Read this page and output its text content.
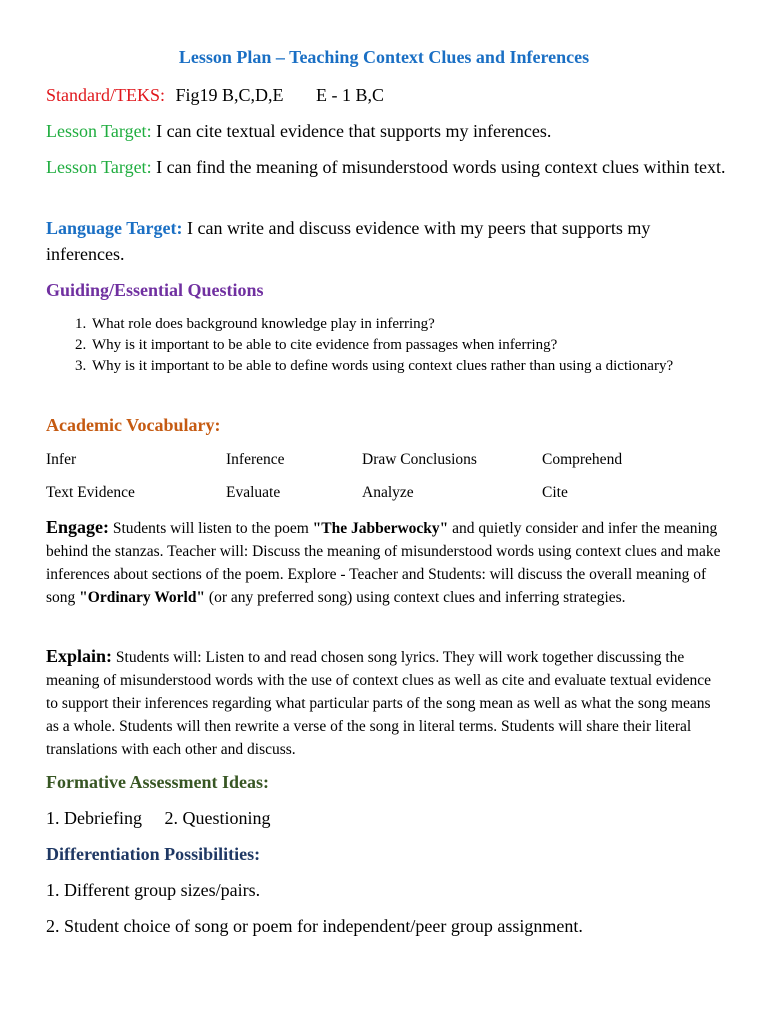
Lesson Plan – Teaching Context Clues and Inferences
Standard/TEKS: Fig19 B,C,D,E E - 1 B,C
Lesson Target: I can cite textual evidence that supports my inferences.
Lesson Target: I can find the meaning of misunderstood words using context clues within text.
Language Target: I can write and discuss evidence with my peers that supports my inferences.
Guiding/Essential Questions
1. What role does background knowledge play in inferring?
2. Why is it important to be able to cite evidence from passages when inferring?
3. Why is it important to be able to define words using context clues rather than using a dictionary?
Academic Vocabulary:
Infer	Inference	Draw Conclusions	Comprehend
Text Evidence	Evaluate	Analyze	Cite
Engage: Students will listen to the poem "The Jabberwocky" and quietly consider and infer the meaning behind the stanzas. Teacher will: Discuss the meaning of misunderstood words using context clues and make inferences about sections of the poem. Explore - Teacher and Students: will discuss the overall meaning of song "Ordinary World" (or any preferred song) using context clues and inferring strategies.
Explain: Students will: Listen to and read chosen song lyrics. They will work together discussing the meaning of misunderstood words with the use of context clues as well as cite and evaluate textual evidence to support their inferences regarding what particular parts of the song mean as well as what the song means as a whole. Students will then rewrite a verse of the song in literal terms. Students will share their literal translations with each other and discuss.
Formative Assessment Ideas:
1. Debriefing 2. Questioning
Differentiation Possibilities:
1. Different group sizes/pairs.
2. Student choice of song or poem for independent/peer group assignment.
